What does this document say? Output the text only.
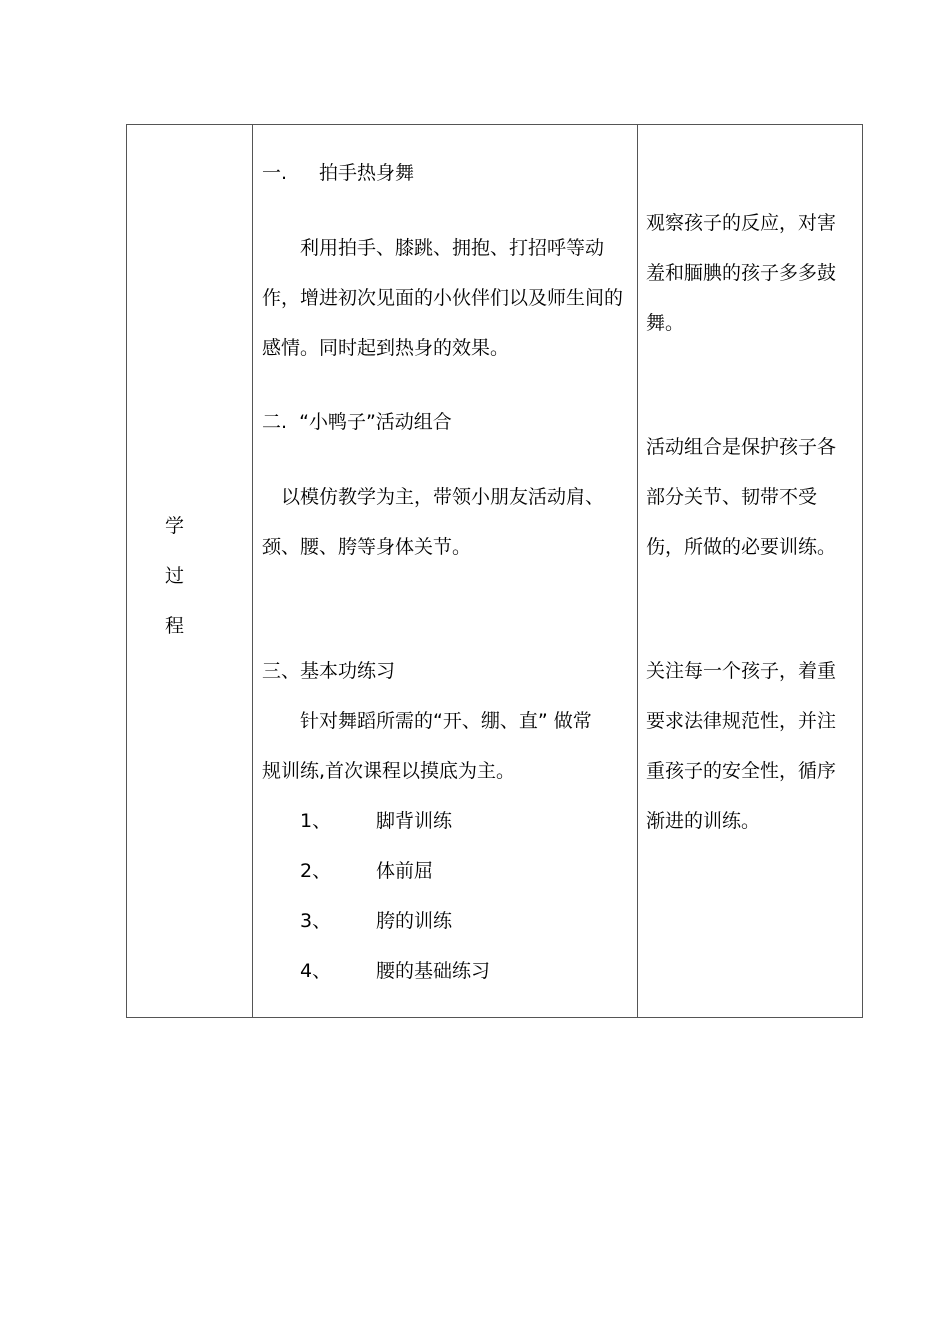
学
过
程
一. 拍手热身舞
利用拍手、膝跳、拥抱、打招呼等动
作，增进初次见面的小伙伴们以及师生间的
感情。同时起到热身的效果。
二.  “小鸭子”活动组合
以模仿教学为主，带领小朋友活动肩、
颈、腰、胯等身体关节。
三、基本功练习
针对舞蹈所需的“开、绷、直” 做常
规训练,首次课程以摸底为主。
1、 脚背训练
2、 体前屈
3、 胯的训练
4、 腰的基础练习
观察孩子的反应，对害
羞和腼腆的孩子多多鼓
舞。
活动组合是保护孩子各
部分关节、韧带不受
伤，所做的必要训练。
关注每一个孩子，着重
要求法律规范性，并注
重孩子的安全性，循序
渐进的训练。
